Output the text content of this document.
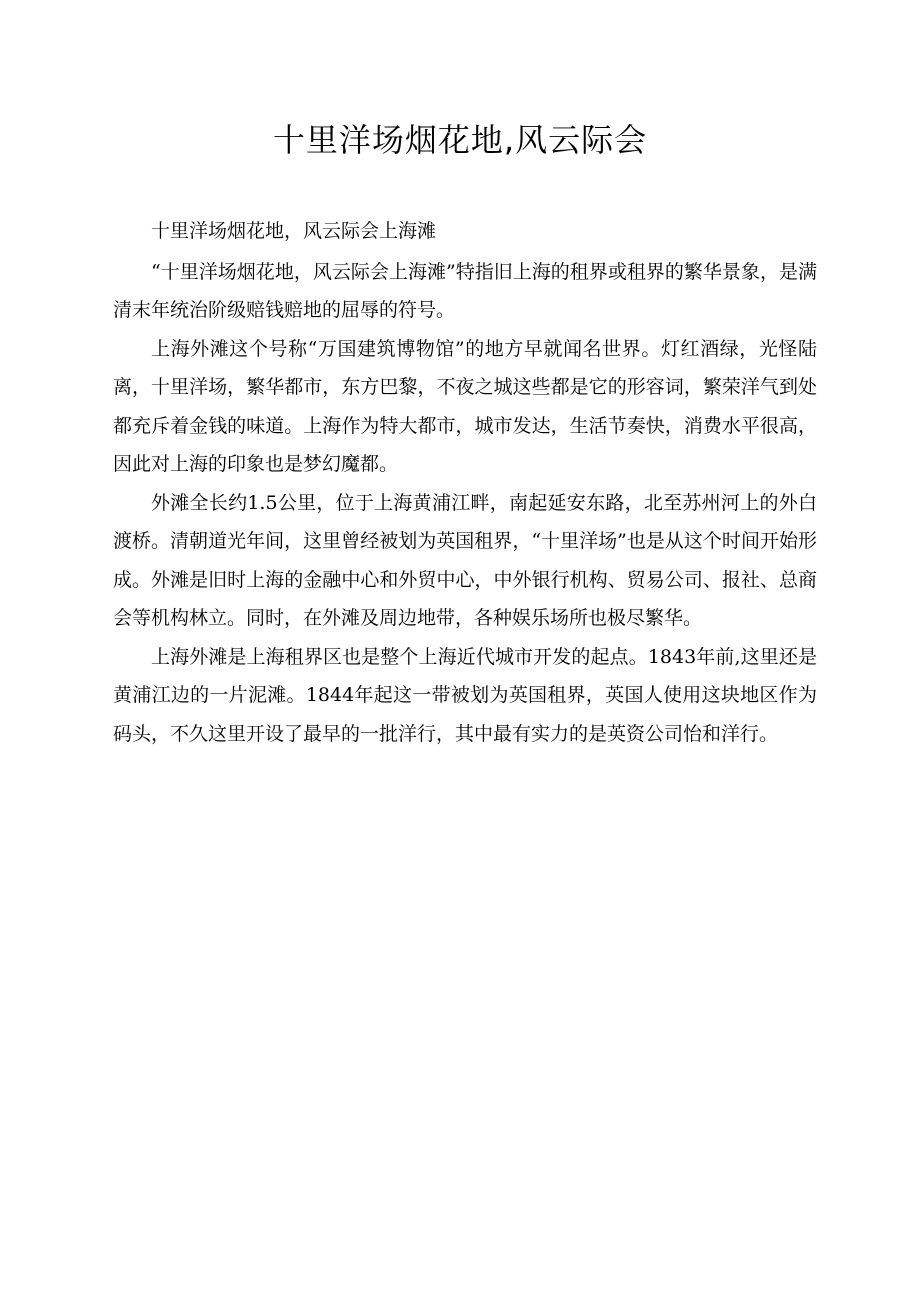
十里洋场烟花地,风云际会

十里洋场烟花地，风云际会上海滩

“十里洋场烟花地，风云际会上海滩”特指旧上海的租界或租界的繁华景象，是满清末年统治阶级赔钱赔地的屈辱的符号。

上海外滩这个号称“万国建筑博物馆”的地方早就闻名世界。灯红酒绿，光怪陆离，十里洋场，繁华都市，东方巴黎，不夜之城这些都是它的形容词，繁荣洋气到处都充斥着金钱的味道。上海作为特大都市，城市发达，生活节奏快，消费水平很高，因此对上海的印象也是梦幻魔都。

外滩全长约1.5公里，位于上海黄浦江畔，南起延安东路，北至苏州河上的外白渡桥。清朝道光年间，这里曾经被划为英国租界，“十里洋场”也是从这个时间开始形成。外滩是旧时上海的金融中心和外贸中心，中外银行机构、贸易公司、报社、总商会等机构林立。同时，在外滩及周边地带，各种娱乐场所也极尽繁华。

上海外滩是上海租界区也是整个上海近代城市开发的起点。1843年前,这里还是黄浦江边的一片泥滩。1844年起这一带被划为英国租界，英国人使用这块地区作为码头，不久这里开设了最早的一批洋行，其中最有实力的是英资公司怡和洋行。
